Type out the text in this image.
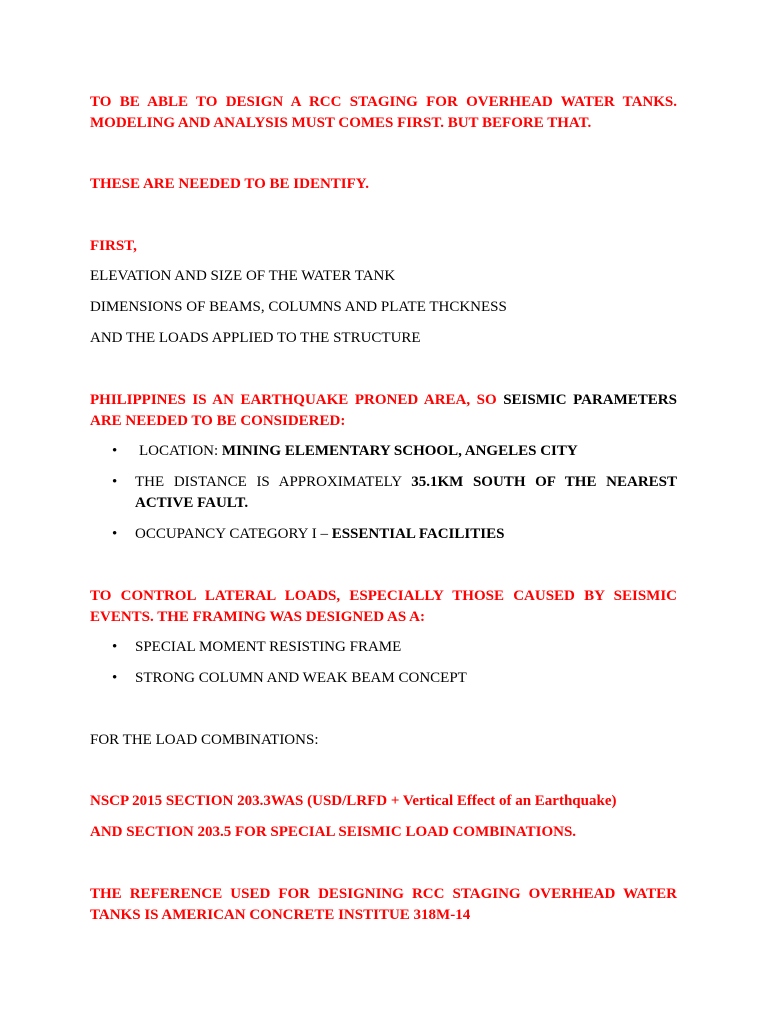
TO BE ABLE TO DESIGN A RCC STAGING FOR OVERHEAD WATER TANKS. MODELING AND ANALYSIS MUST COMES FIRST. BUT BEFORE THAT.

THESE ARE NEEDED TO BE IDENTIFY.

FIRST,

ELEVATION AND SIZE OF THE WATER TANK

DIMENSIONS OF BEAMS, COLUMNS AND PLATE THCKNESS

AND THE LOADS APPLIED TO THE STRUCTURE

PHILIPPINES IS AN EARTHQUAKE PRONED AREA, SO SEISMIC PARAMETERS ARE NEEDED TO BE CONSIDERED:

•	LOCATION: MINING ELEMENTARY SCHOOL, ANGELES CITY

•	THE DISTANCE IS APPROXIMATELY 35.1KM SOUTH OF THE NEAREST ACTIVE FAULT.

•	OCCUPANCY CATEGORY I – ESSENTIAL FACILITIES

TO CONTROL LATERAL LOADS, ESPECIALLY THOSE CAUSED BY SEISMIC EVENTS. THE FRAMING WAS DESIGNED AS A:

•	SPECIAL MOMENT RESISTING FRAME

•	STRONG COLUMN AND WEAK BEAM CONCEPT

FOR THE LOAD COMBINATIONS:

NSCP 2015 SECTION 203.3WAS (USD/LRFD + Vertical Effect of an Earthquake)

AND SECTION 203.5 FOR SPECIAL SEISMIC LOAD COMBINATIONS.

THE REFERENCE USED FOR DESIGNING RCC STAGING OVERHEAD WATER TANKS IS AMERICAN CONCRETE INSTITUE 318M-14
